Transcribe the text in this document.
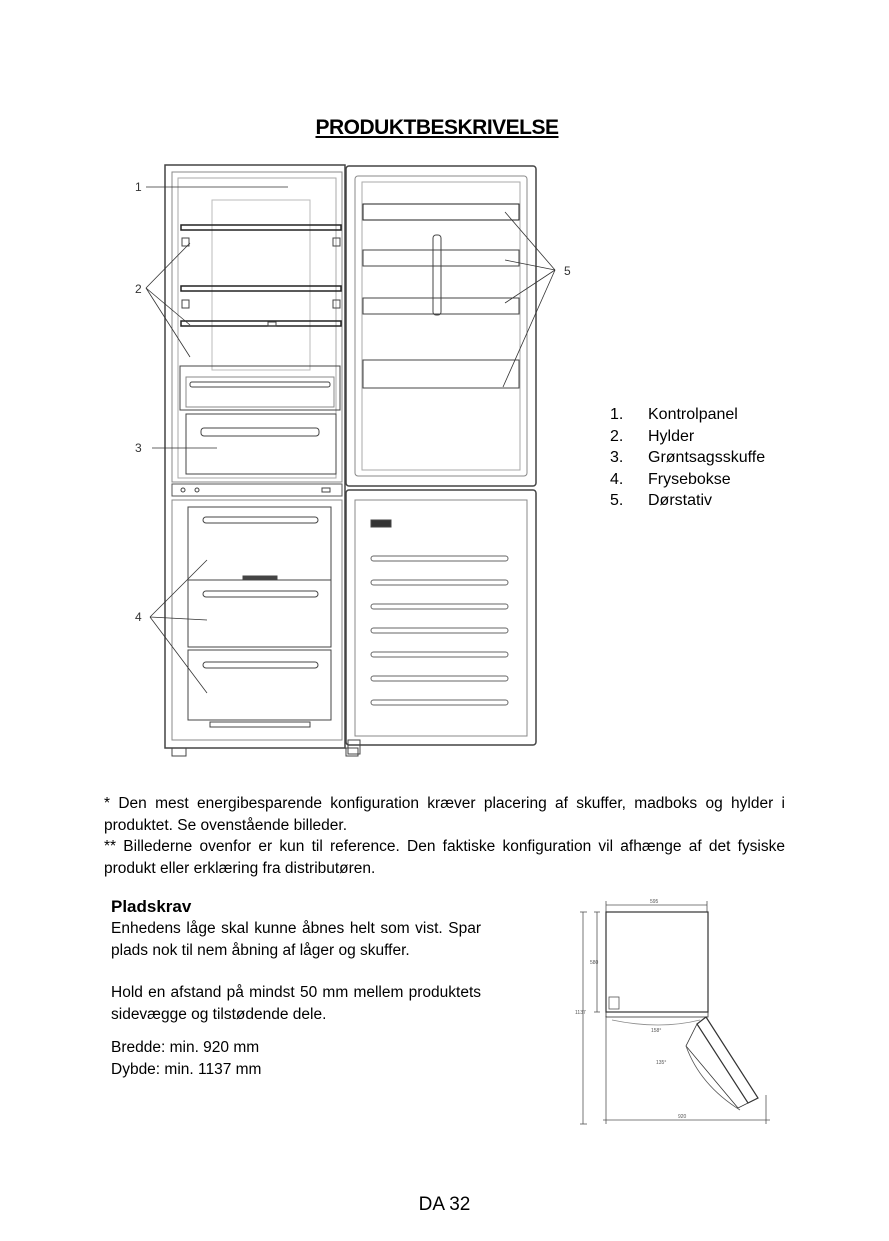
PRODUKTBESKRIVELSE
1
2
3
4
5
1.	Kontrolpanel
2.	Hylder
3.	Grøntsagsskuffe
4.	Frysebokse
5.	Dørstativ

* Den mest energibesparende konfiguration kræver placering af skuffer, madboks og hylder i produktet. Se ovenstående billeder.

** Billederne ovenfor er kun til reference. Den faktiske konfiguration vil afhænge af det fysiske produkt eller erklæring fra distributøren.

Pladskrav

Enhedens låge skal kunne åbnes helt som vist. Spar plads nok til nem åbning af låger og skuffer.

Hold en afstand på mindst 50 mm mellem produktets sidevægge og tilstødende dele.

Bredde: min. 920 mm

Dybde: min. 1137 mm

595
580
1137
135°
920
158°
DA 32
